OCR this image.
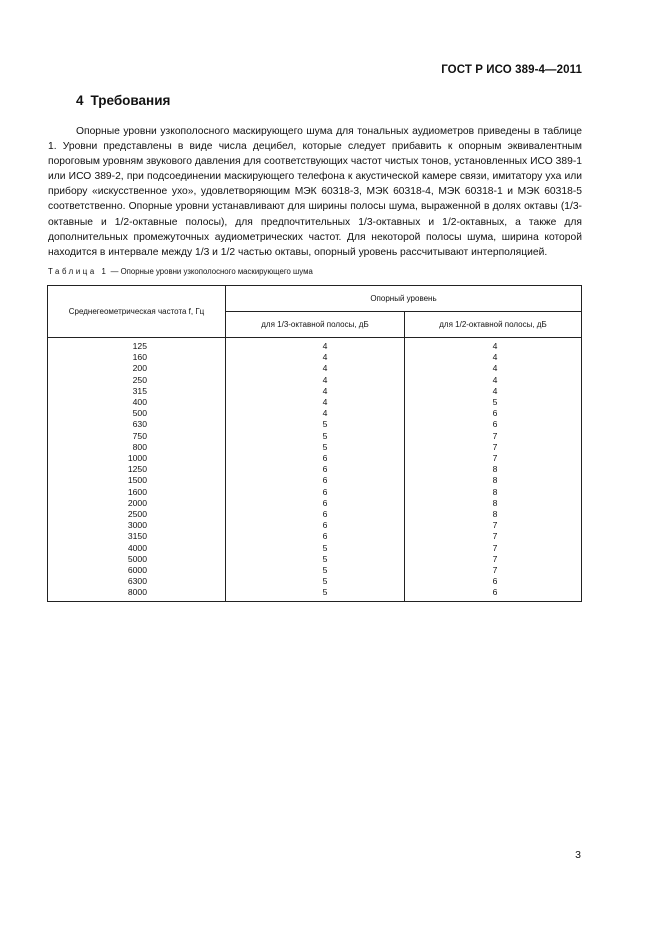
ГОСТ Р ИСО 389-4—2011
4 Требования

Опорные уровни узкополосного маскирующего шума для тональных аудиометров приведены в таблице 1. Уровни представлены в виде числа децибел, которые следует прибавить к опорным эквивалентным пороговым уровням звукового давления для соответствующих частот чистых тонов, установленных ИСО 389-1 или ИСО 389-2, при подсоединении маскирующего телефона к акустической камере связи, имитатору уха или прибору «искусственное ухо», удовлетворяющим МЭК 60318-3, МЭК 60318-4, МЭК 60318-1 и МЭК 60318-5 соответственно. Опорные уровни устанавливают для ширины полосы шума, выраженной в долях октавы (1/3-октавные и 1/2-октавные полосы), для предпочтительных 1/3-октавных и 1/2-октавных, а также для дополнительных промежуточных аудиометрических частот. Для некоторой полосы шума, ширина которой находится в интервале между 1/3 и 1/2 частью октавы, опорный уровень рассчитывают интерполяцией.

Таблица 1 — Опорные уровни узкополосного маскирующего шума

Среднегеометрическая частота f, Гц	Опорный уровень	
	для 1/3-октавной полосы, дБ	для 1/2-октавной полосы, дБ
125	4	4
160	4	4
200	4	4
250	4	4
315	4	4
400	4	5
500	4	6
630	5	6
750	5	7
800	5	7
1000	6	7
1250	6	8
1500	6	8
1600	6	8
2000	6	8
2500	6	8
3000	6	7
3150	6	7
4000	5	7
5000	5	7
6000	5	7
6300	5	6
8000	5	6
3
